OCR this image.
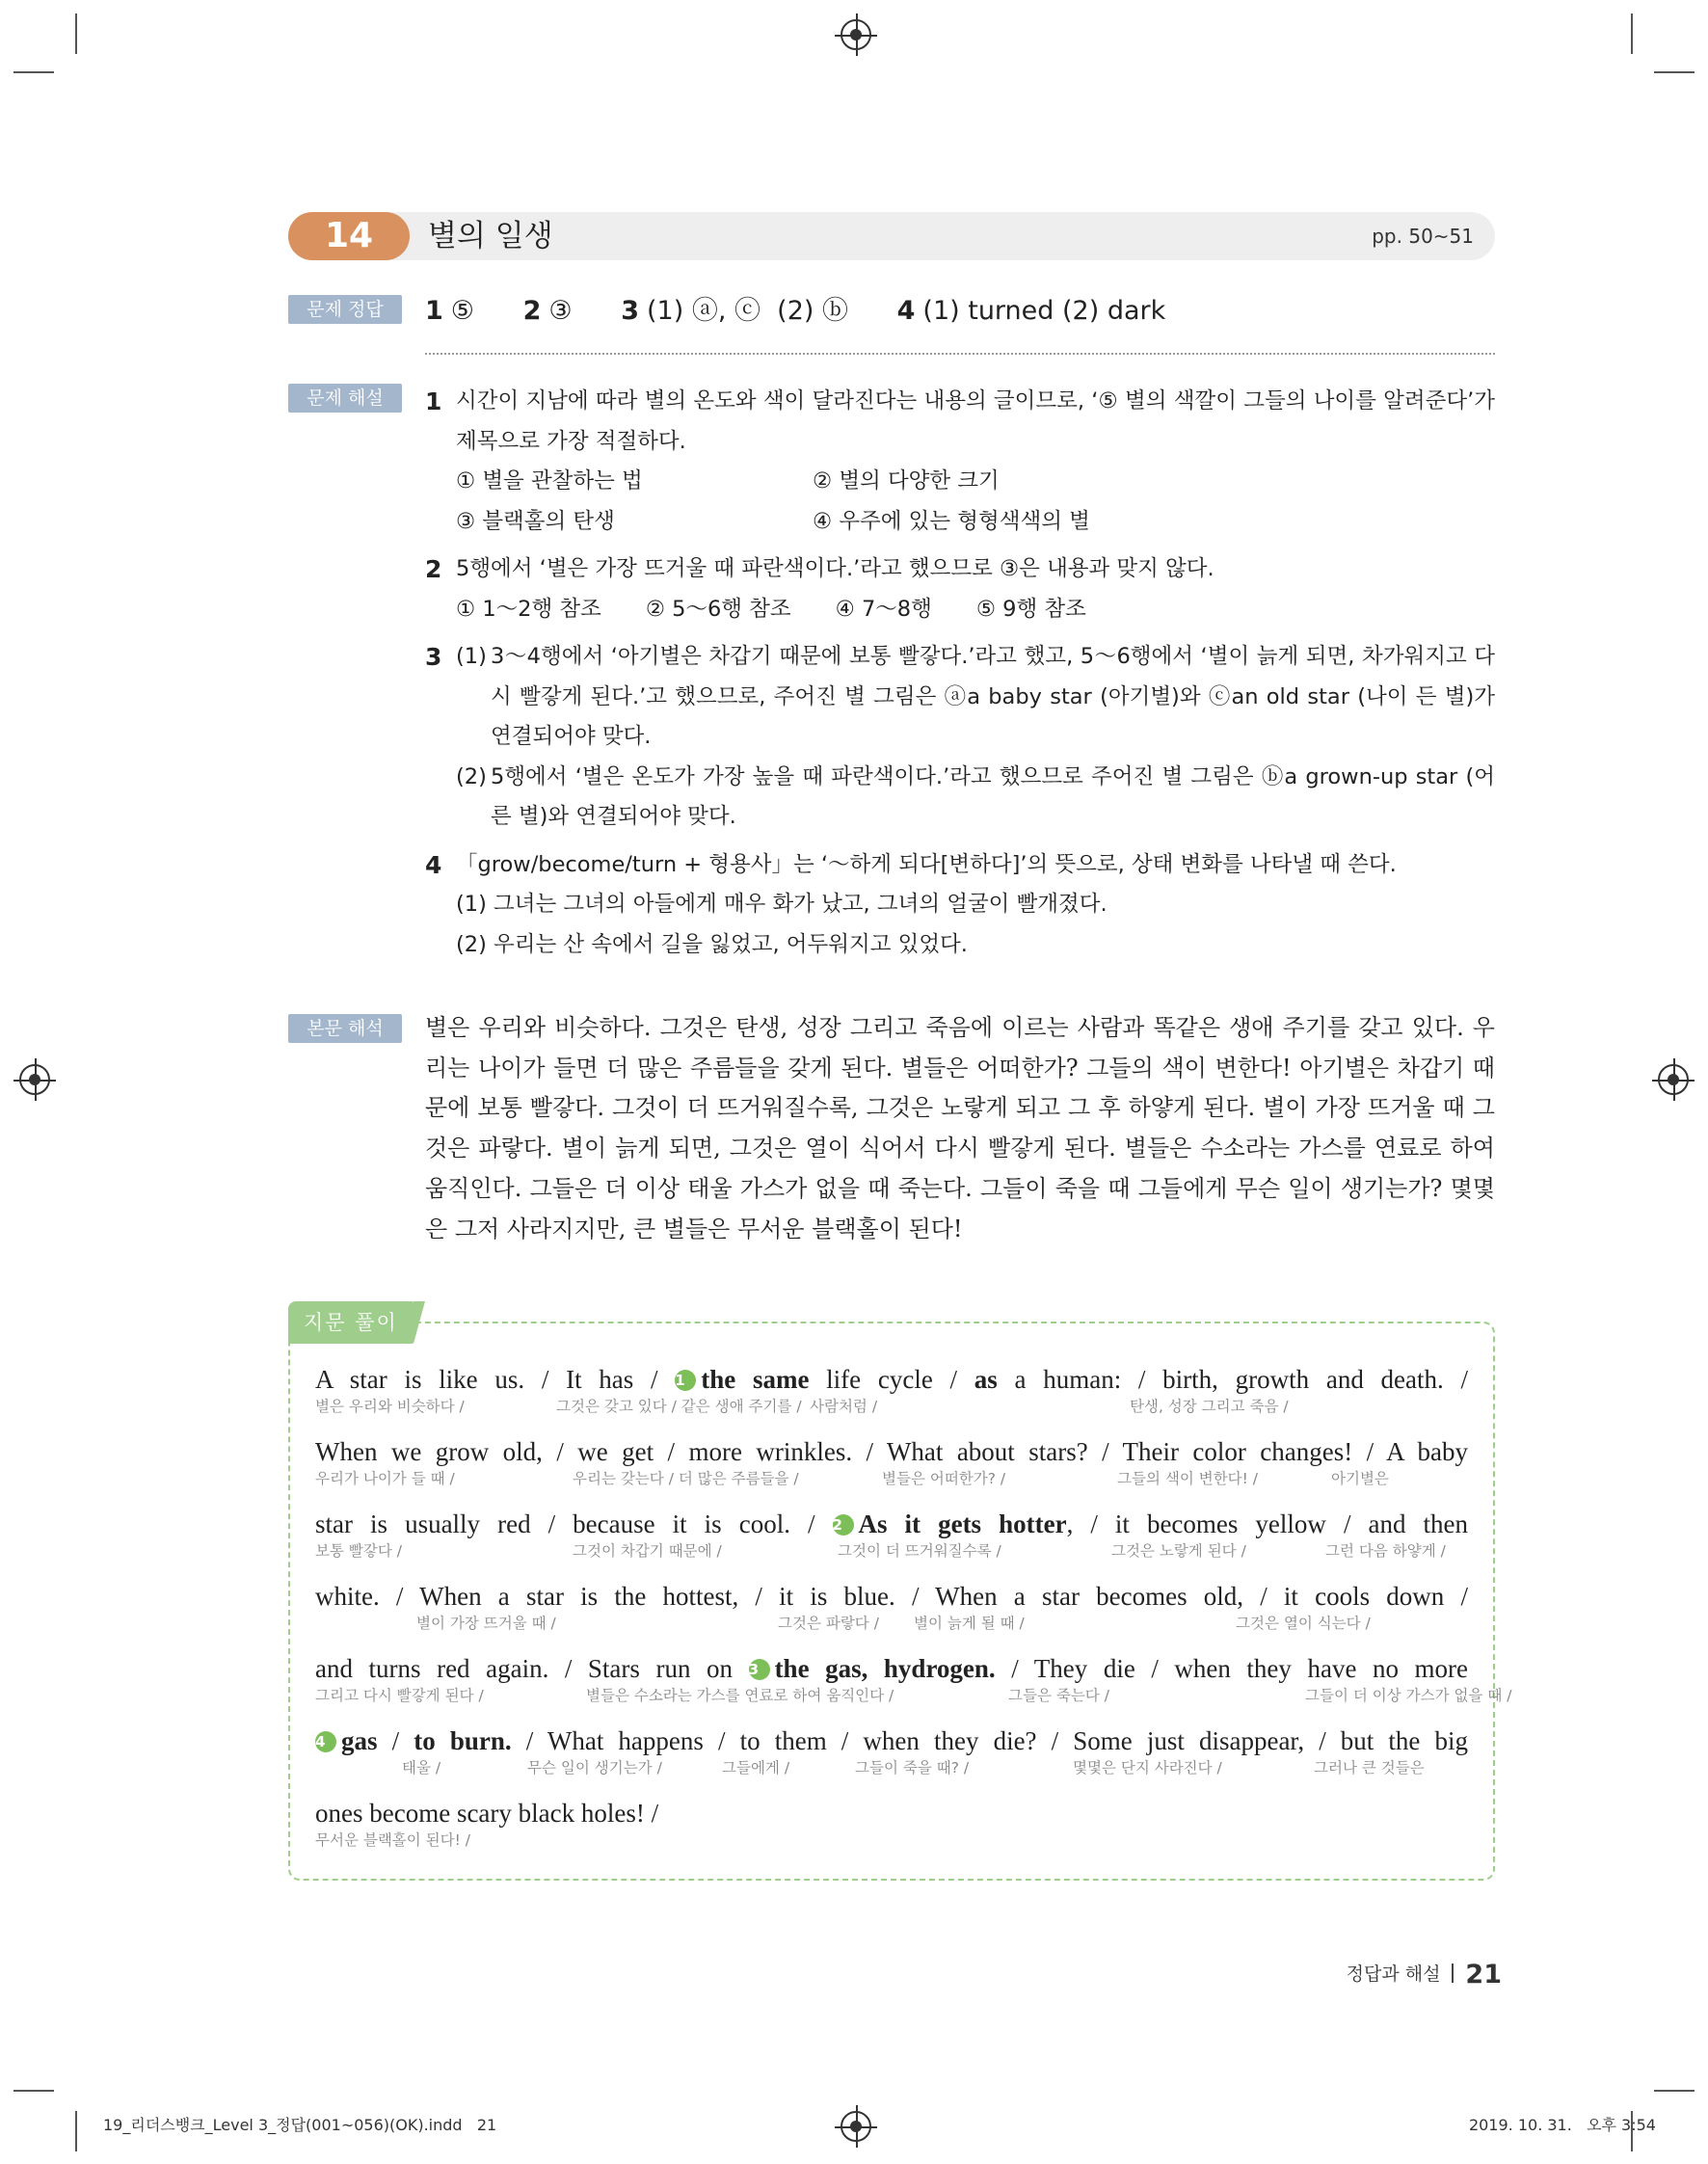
14	별의 일생	pp. 50~51
문제 정답	1 ⑤ 2 ③ 3 (1) ⓐ, ⓒ  (2) ⓑ 4 (1) turned (2) dark
문제 해설	1 시간이 지남에 따라 별의 온도와 색이 달라진다는 내용의 글이므로, ‘⑤ 별의 색깔이 그들의 나이를 알려준다’가 제목으로 가장 적절하다.
① 별을 관찰하는 법	② 별의 다양한 크기
③ 블랙홀의 탄생	④ 우주에 있는 형형색색의 별
2 5행에서 ‘별은 가장 뜨거울 때 파란색이다.’라고 했으므로 ③은 내용과 맞지 않다.
① 1～2행 참조 ② 5～6행 참조 ④ 7～8행 ⑤ 9행 참조
3 (1) 3～4행에서 ‘아기별은 차갑기 때문에 보통 빨갛다.’라고 했고, 5～6행에서 ‘별이 늙게 되면, 차가워지고 다시 빨갛게 된다.’고 했으므로, 주어진 별 그림은 ⓐa baby star (아기별)와 ⓒan old star (나이 든 별)가 연결되어야 맞다.
(2) 5행에서 ‘별은 온도가 가장 높을 때 파란색이다.’라고 했으므로 주어진 별 그림은 ⓑa grown-up star (어른 별)와 연결되어야 맞다.
4 「grow/become/turn + 형용사」는 ‘～하게 되다[변하다]’의 뜻으로, 상태 변화를 나타낼 때 쓴다.
(1) 그녀는 그녀의 아들에게 매우 화가 났고, 그녀의 얼굴이 빨개졌다.
(2) 우리는 산 속에서 길을 잃었고, 어두워지고 있었다.
본문 해석	별은 우리와 비슷하다. 그것은 탄생, 성장 그리고 죽음에 이르는 사람과 똑같은 생애 주기를 갖고 있다. 우리는 나이가 들면 더 많은 주름들을 갖게 된다. 별들은 어떠한가? 그들의 색이 변한다! 아기별은 차갑기 때문에 보통 빨갛다. 그것이 더 뜨거워질수록, 그것은 노랗게 되고 그 후 하얗게 된다. 별이 가장 뜨거울 때 그것은 파랗다. 별이 늙게 되면, 그것은 열이 식어서 다시 빨갛게 된다. 별들은 수소라는 가스를 연료로 하여 움직인다. 그들은 더 이상 태울 가스가 없을 때 죽는다. 그들이 죽을 때 그들에게 무슨 일이 생기는가? 몇몇은 그저 사라지지만, 큰 별들은 무서운 블랙홀이 된다!
지문 풀이
A star is like us. / It has / 1 the same life cycle / as a human: / birth, growth and death. /
별은 우리와 비슷하다 /	그것은 갖고 있다 / 같은 생애 주기를 / 사람처럼 /	탄생, 성장 그리고 죽음 /
When we grow old, / we get / more wrinkles. / What about stars? / Their color changes! / A baby
우리가 나이가 들 때 /	우리는 갖는다 / 더 많은 주름들을 /	별들은 어떠한가? /	그들의 색이 변한다! /	아기별은
star is usually red / because it is cool. / 2 As it gets hotter, / it becomes yellow / and then
보통 빨갛다 /	그것이 차갑기 때문에 /	그것이 더 뜨거워질수록 /	그것은 노랗게 된다 /	그런 다음 하얗게 /
white. / When a star is the hottest, / it is blue. / When a star becomes old, / it cools down /
별이 가장 뜨거울 때 /	그것은 파랗다 / 별이 늙게 될 때 /	그것은 열이 식는다 /
and turns red again. / Stars run on 3 the gas, hydrogen. / They die / when they have no more
그리고 다시 빨갛게 된다 /	별들은 수소라는 가스를 연료로 하여 움직인다 /	그들은 죽는다 /	그들이 더 이상 가스가 없을 때 /
4 gas / to burn. / What happens / to them / when they die? / Some just disappear, / but the big
태울 /	무슨 일이 생기는가 /	그들에게 /	그들이 죽을 때? /	몇몇은 단지 사라진다 /	그러나 큰 것들은
ones become scary black holes! /
무서운 블랙홀이 된다! /
정답과 해설 21
19_리더스뱅크_Level 3_정답(001~056)(OK).indd   21	2019. 10. 31.   오후 3:54
